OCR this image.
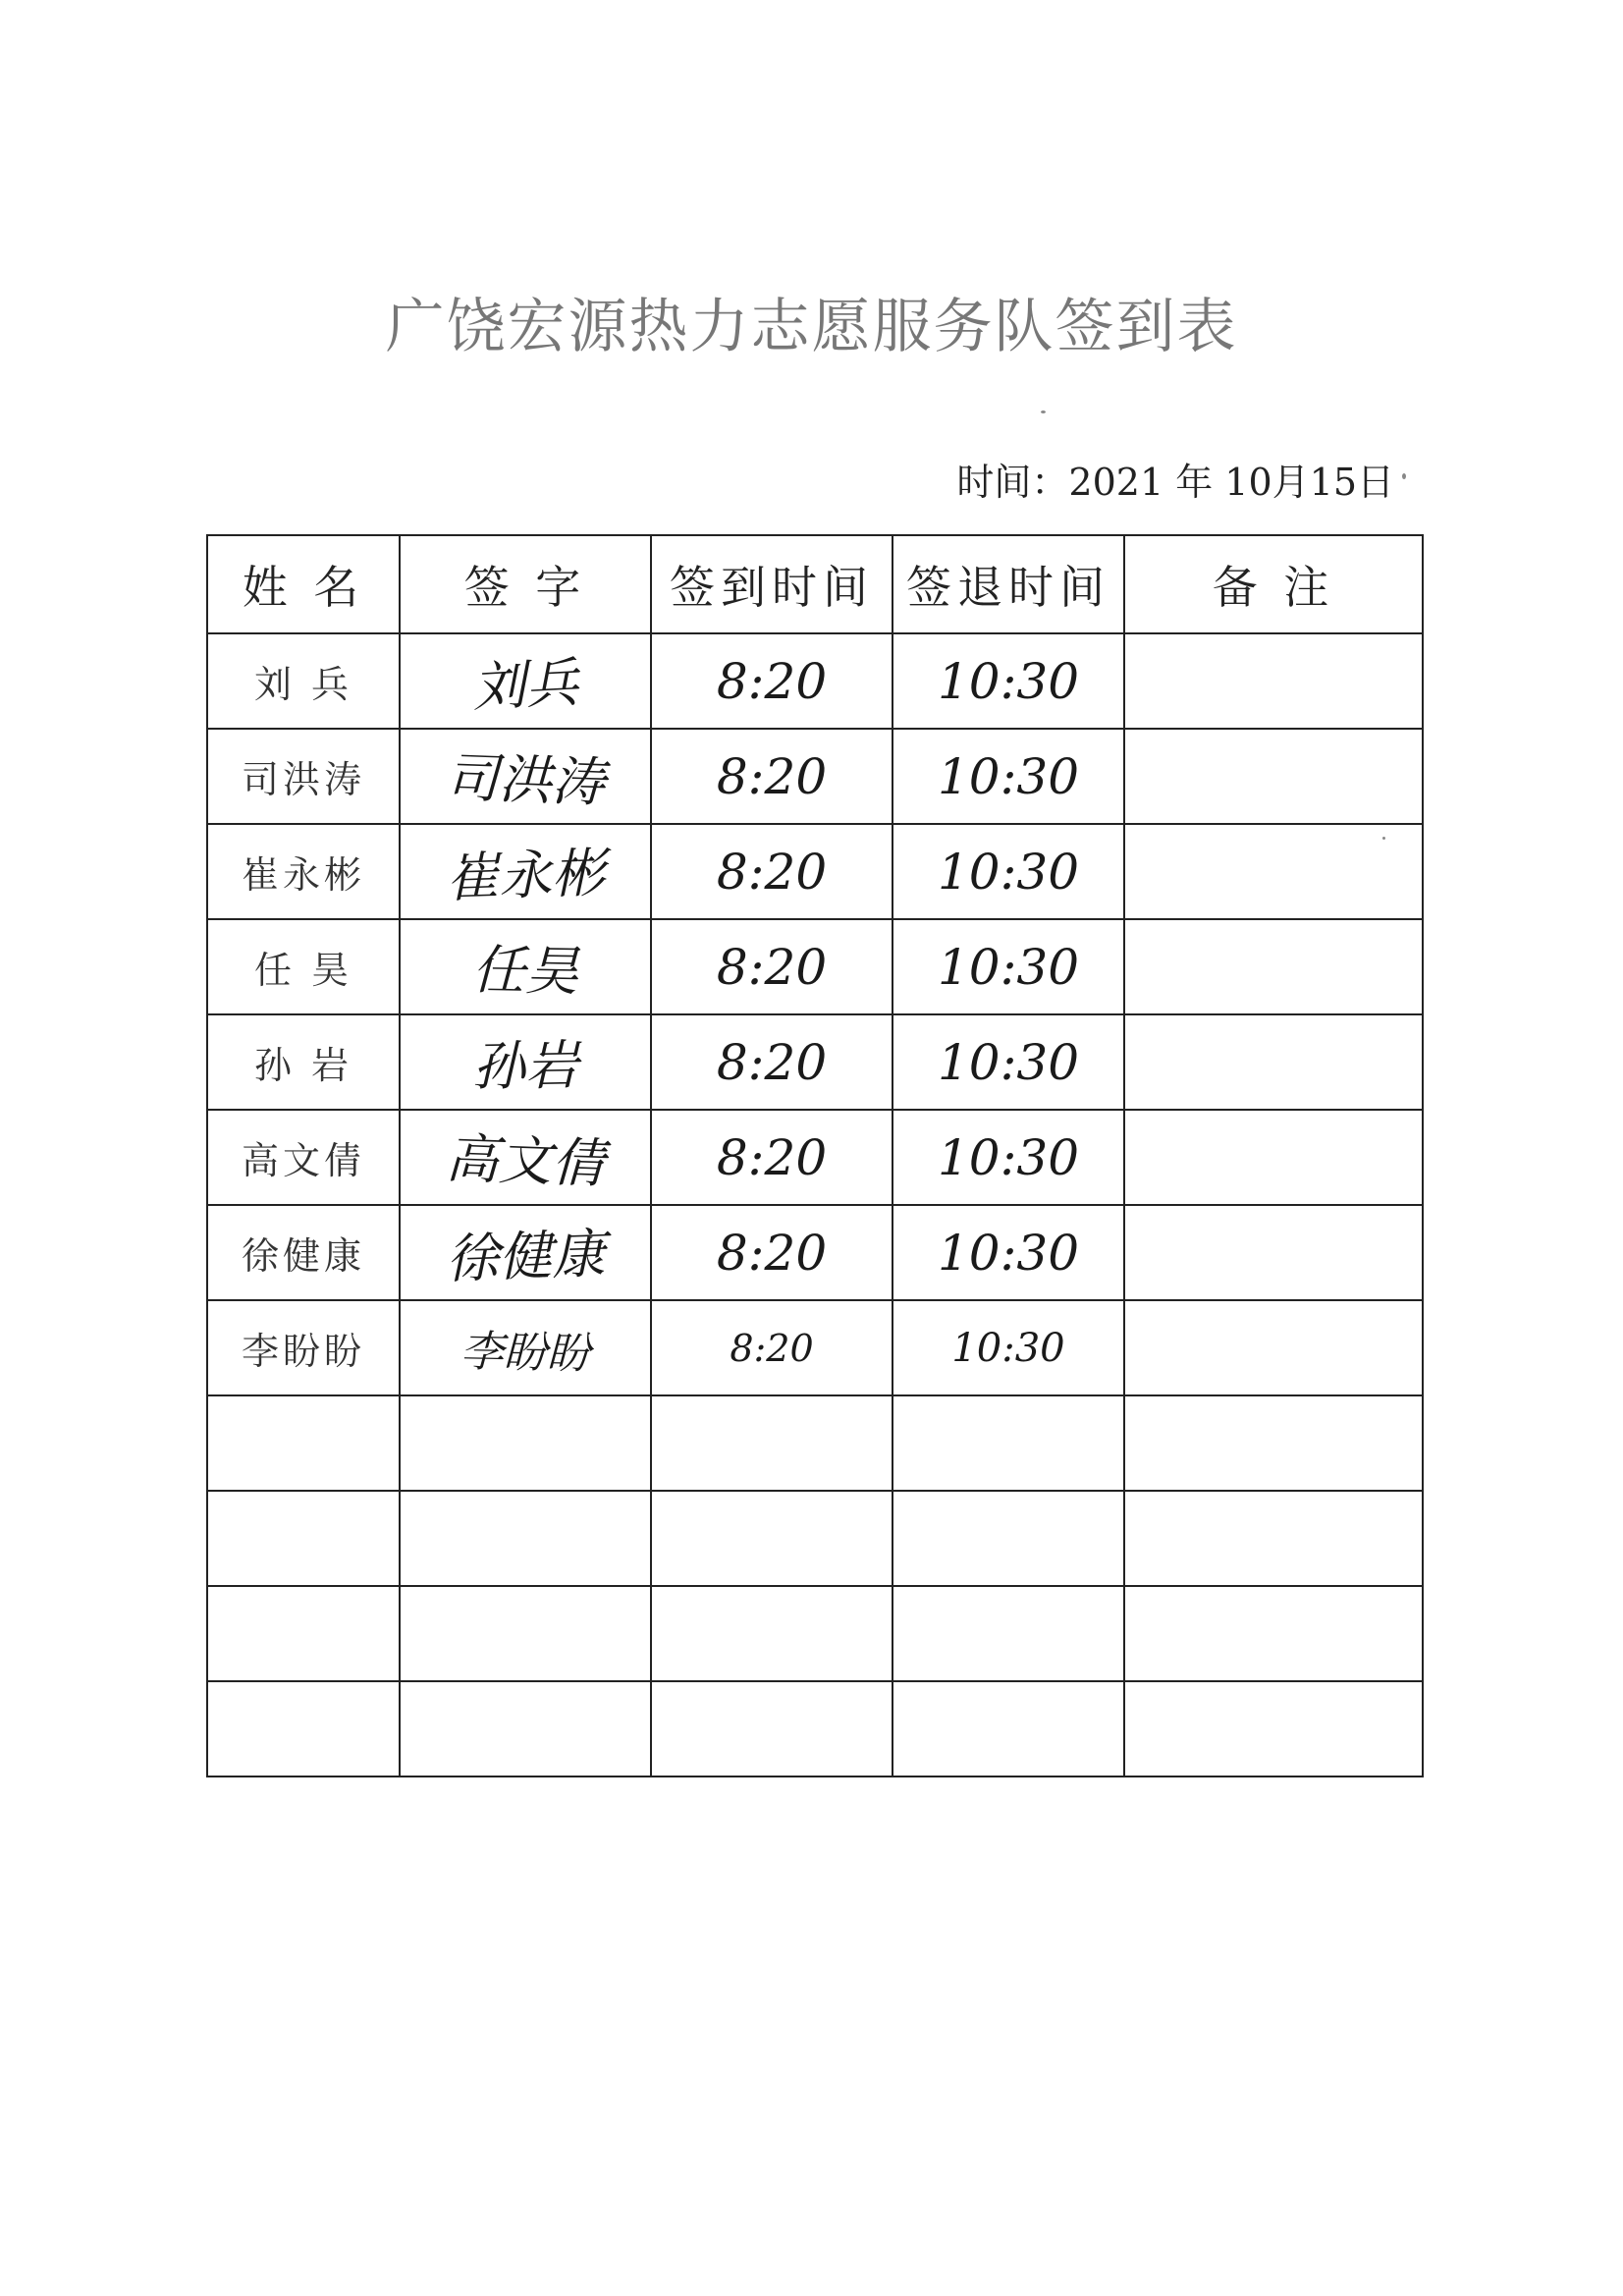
广饶宏源热力志愿服务队签到表
时间：2021 年 10月15日
姓 名	签 字	签到时间	签退时间	备 注
刘 兵	刘兵	8:20	10:30	
司洪涛	司洪涛	8:20	10:30	
崔永彬	崔永彬	8:20	10:30	
任 昊	任昊	8:20	10:30	
孙 岩	孙岩	8:20	10:30	
高文倩	高文倩	8:20	10:30	
徐健康	徐健康	8:20	10:30	
李盼盼	李盼盼	8:20	10:30	
